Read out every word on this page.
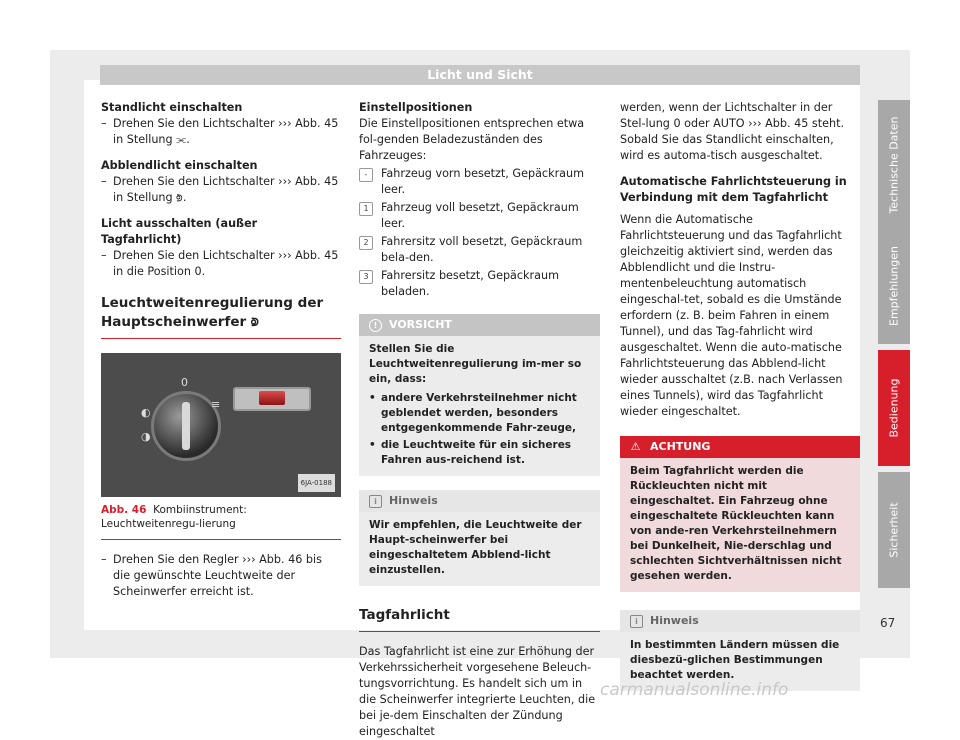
Licht und Sicht

Standlicht einschalten

– Drehen Sie den Lichtschalter ››› Abb. 45 in Stellung ⫘.

Abblendlicht einschalten

– Drehen Sie den Lichtschalter ››› Abb. 45 in Stellung ⟄.

Licht ausschalten (außer Tagfahrlicht)

– Drehen Sie den Lichtschalter ››› Abb. 45 in die Position 0.
Leuchtweitenregulierung der Hauptscheinwerfer ⟄
◐
◑
0
≡
6JA-0188
Abb. 46 Kombiinstrument: Leuchtweitenregu-lierung
– Drehen Sie den Regler ››› Abb. 46 bis die gewünschte Leuchtweite der Scheinwerfer erreicht ist.

Einstellpositionen

Die Einstellpositionen entsprechen etwa fol-genden Beladezuständen des Fahrzeuges:

-	Fahrzeug vorn besetzt, Gepäckraum leer.
1	Fahrzeug voll besetzt, Gepäckraum leer.
2	Fahrersitz voll besetzt, Gepäckraum bela-den.
3	Fahrersitz besetzt, Gepäckraum beladen.
!	VORSICHT

Stellen Sie die Leuchtweitenregulierung im-mer so ein, dass:

• andere Verkehrsteilnehmer nicht geblendet werden, besonders entgegenkommende Fahr-zeuge,
• die Leuchtweite für ein sicheres Fahren aus-reichend ist.
i	Hinweis

Wir empfehlen, die Leuchtweite der Haupt-scheinwerfer bei eingeschaltetem Abblend-licht einzustellen.

Tagfahrlicht

Das Tagfahrlicht ist eine zur Erhöhung der Verkehrssicherheit vorgesehene Beleuch-tungsvorrichtung. Es handelt sich um in die Scheinwerfer integrierte Leuchten, die bei je-dem Einschalten der Zündung eingeschaltet

werden, wenn der Lichtschalter in der Stel-lung 0 oder AUTO ››› Abb. 45 steht. Sobald Sie das Standlicht einschalten, wird es automa-tisch ausgeschaltet.

Automatische Fahrlichtsteuerung in Verbindung mit dem Tagfahrlicht

Wenn die Automatische Fahrlichtsteuerung und das Tagfahrlicht gleichzeitig aktiviert sind, werden das Abblendlicht und die Instru-mentenbeleuchtung automatisch eingeschal-tet, sobald es die Umstände erfordern (z. B. beim Fahren in einem Tunnel), und das Tag-fahrlicht wird ausgeschaltet. Wenn die auto-matische Fahrlichtsteuerung das Abblend-licht wieder ausschaltet (z.B. nach Verlassen eines Tunnels), wird das Tagfahrlicht wieder eingeschaltet.

⚠ ACHTUNG

Beim Tagfahrlicht werden die Rückleuchten nicht mit eingeschaltet. Ein Fahrzeug ohne eingeschaltete Rückleuchten kann von ande-ren Verkehrsteilnehmern bei Dunkelheit, Nie-derschlag und schlechten Sichtverhältnissen nicht gesehen werden.

i	Hinweis

In bestimmten Ländern müssen die diesbezü-glichen Bestimmungen beachtet werden.

Technische Daten
Empfehlungen
Bedienung
Sicherheit
67
carmanualsonline.info
